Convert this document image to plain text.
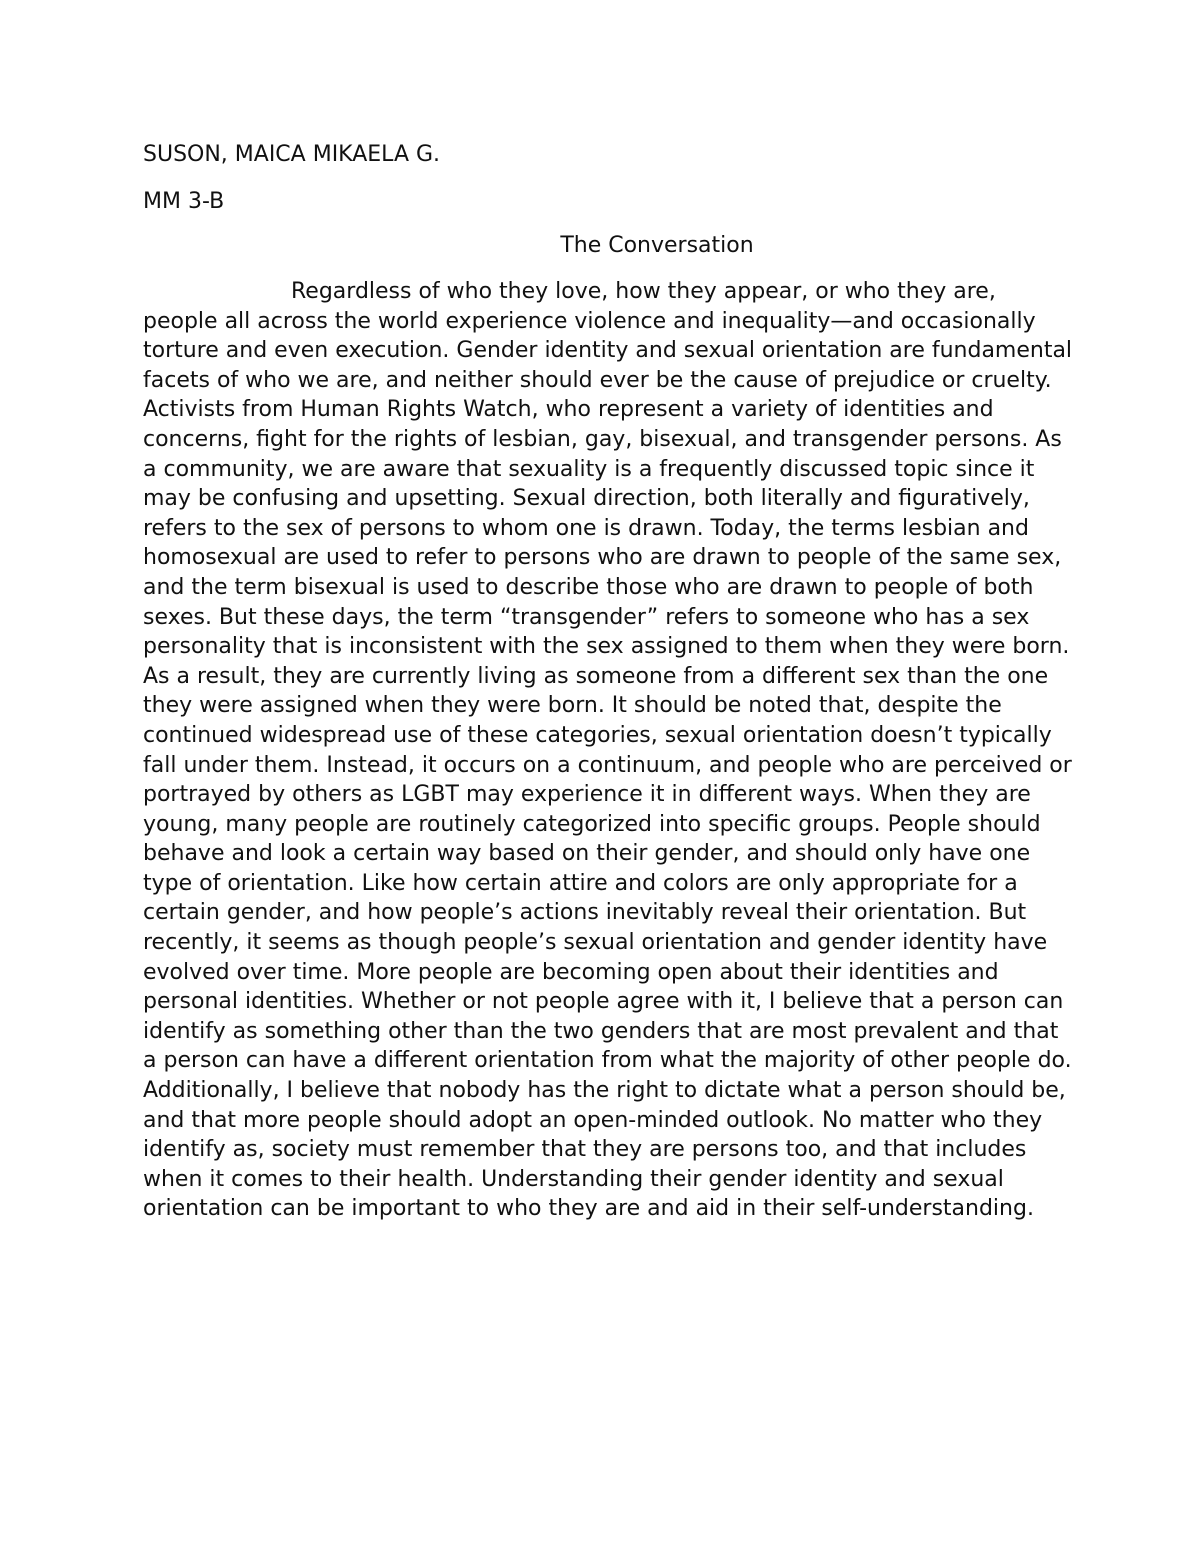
SUSON, MAICA MIKAELA G.
MM 3-B
The Conversation

Regardless of who they love, how they appear, or who they are, people all across the world experience violence and inequality—and occasionally torture and even execution. Gender identity and sexual orientation are fundamental facets of who we are, and neither should ever be the cause of prejudice or cruelty. Activists from Human Rights Watch, who represent a variety of identities and concerns, fight for the rights of lesbian, gay, bisexual, and transgender persons. As a community, we are aware that sexuality is a frequently discussed topic since it may be confusing and upsetting. Sexual direction, both literally and figuratively, refers to the sex of persons to whom one is drawn. Today, the terms lesbian and homosexual are used to refer to persons who are drawn to people of the same sex, and the term bisexual is used to describe those who are drawn to people of both sexes. But these days, the term “transgender” refers to someone who has a sex personality that is inconsistent with the sex assigned to them when they were born. As a result, they are currently living as someone from a different sex than the one they were assigned when they were born. It should be noted that, despite the continued widespread use of these categories, sexual orientation doesn’t typically fall under them. Instead, it occurs on a continuum, and people who are perceived or portrayed by others as LGBT may experience it in different ways. When they are young, many people are routinely categorized into specific groups. People should behave and look a certain way based on their gender, and should only have one type of orientation. Like how certain attire and colors are only appropriate for a certain gender, and how people’s actions inevitably reveal their orientation. But recently, it seems as though people’s sexual orientation and gender identity have evolved over time. More people are becoming open about their identities and personal identities. Whether or not people agree with it, I believe that a person can identify as something other than the two genders that are most prevalent and that a person can have a different orientation from what the majority of other people do. Additionally, I believe that nobody has the right to dictate what a person should be, and that more people should adopt an open-minded outlook. No matter who they identify as, society must remember that they are persons too, and that includes when it comes to their health. Understanding their gender identity and sexual orientation can be important to who they are and aid in their self-understanding.
